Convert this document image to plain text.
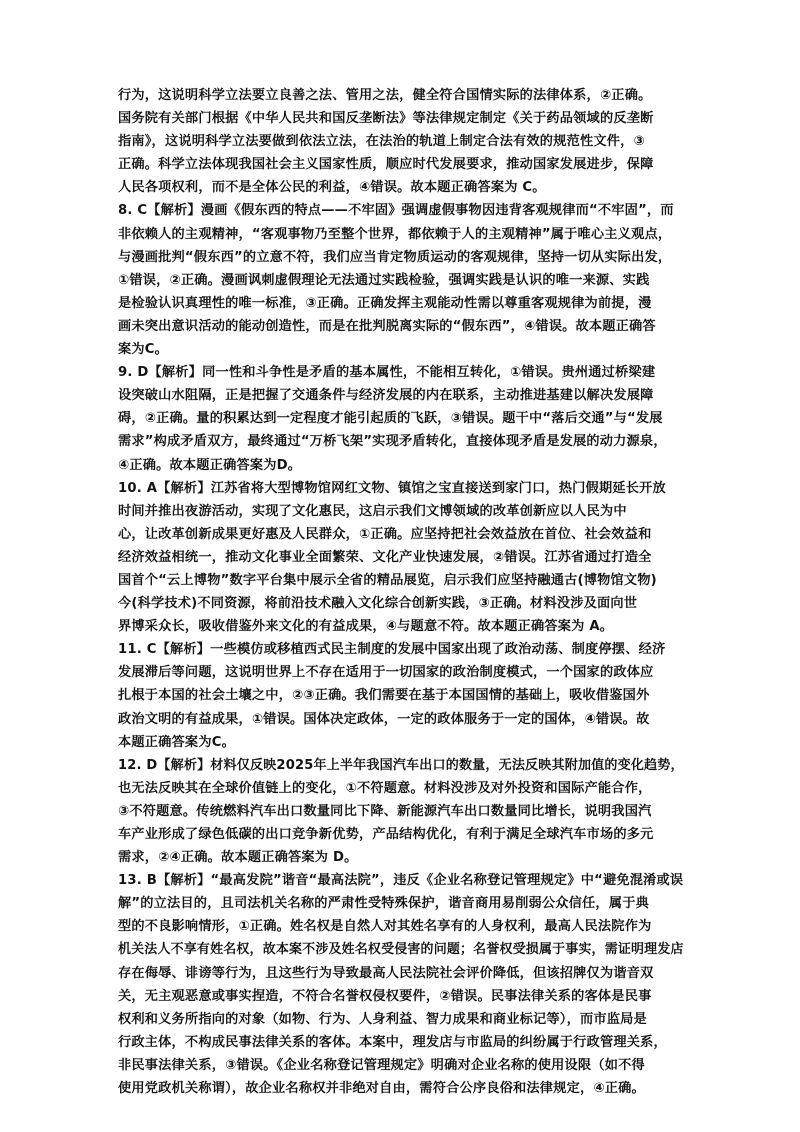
行为，这说明科学立法要立良善之法、管用之法，健全符合国情实际的法律体系，②正确。
国务院有关部门根据《中华人民共和国反垄断法》等法律规定制定《关于药品领域的反垄断
指南》，这说明科学立法要做到依法立法，在法治的轨道上制定合法有效的规范性文件，③
正确。科学立法体现我国社会主义国家性质，顺应时代发展要求，推动国家发展进步，保障
人民各项权利，而不是全体公民的利益，④错误。故本题正确答案为 C。
8. C【解析】漫画《假东西的特点——不牢固》强调虚假事物因违背客观规律而“不牢固”，而
非依赖人的主观精神，“客观事物乃至整个世界，都依赖于人的主观精神”属于唯心主义观点，
与漫画批判“假东西”的立意不符，我们应当肯定物质运动的客观规律，坚持一切从实际出发，
①错误，②正确。漫画讽刺虚假理论无法通过实践检验，强调实践是认识的唯一来源、实践
是检验认识真理性的唯一标准，③正确。正确发挥主观能动性需以尊重客观规律为前提，漫
画未突出意识活动的能动创造性，而是在批判脱离实际的“假东西”，④错误。故本题正确答
案为C。
9. D【解析】同一性和斗争性是矛盾的基本属性，不能相互转化，①错误。贵州通过桥梁建
设突破山水阻隔，正是把握了交通条件与经济发展的内在联系，主动推进基建以解决发展障
碍，②正确。量的积累达到一定程度才能引起质的飞跃，③错误。题干中“落后交通”与“发展
需求”构成矛盾双方，最终通过“万桥飞架”实现矛盾转化，直接体现矛盾是发展的动力源泉，
④正确。故本题正确答案为D。
10. A【解析】江苏省将大型博物馆网红文物、镇馆之宝直接送到家门口，热门假期延长开放
时间并推出夜游活动，实现了文化惠民，这启示我们文博领域的改革创新应以人民为中
心，让改革创新成果更好惠及人民群众，①正确。应坚持把社会效益放在首位、社会效益和
经济效益相统一，推动文化事业全面繁荣、文化产业快速发展，②错误。江苏省通过打造全
国首个“云上博物”数字平台集中展示全省的精品展览，启示我们应坚持融通古(博物馆文物)
今(科学技术)不同资源，将前沿技术融入文化综合创新实践，③正确。材料没涉及面向世
界博采众长，吸收借鉴外来文化的有益成果，④与题意不符。故本题正确答案为 A。
11. C【解析】一些模仿或移植西式民主制度的发展中国家出现了政治动荡、制度停摆、经济
发展滞后等问题，这说明世界上不存在适用于一切国家的政治制度模式，一个国家的政体应
扎根于本国的社会土壤之中，②③正确。我们需要在基于本国国情的基础上，吸收借鉴国外
政治文明的有益成果，①错误。国体决定政体，一定的政体服务于一定的国体，④错误。故
本题正确答案为C。
12. D【解析】材料仅反映2025年上半年我国汽车出口的数量，无法反映其附加值的变化趋势，
也无法反映其在全球价值链上的变化，①不符题意。材料没涉及对外投资和国际产能合作，
③不符题意。传统燃料汽车出口数量同比下降、新能源汽车出口数量同比增长，说明我国汽
车产业形成了绿色低碳的出口竞争新优势，产品结构优化，有利于满足全球汽车市场的多元
需求，②④正确。故本题正确答案为 D。
13. B【解析】“最高发院”谐音“最高法院”，违反《企业名称登记管理规定》中“避免混淆或误
解”的立法目的，且司法机关名称的严肃性受特殊保护，谐音商用易削弱公众信任，属于典
型的不良影响情形，①正确。姓名权是自然人对其姓名享有的人身权利，最高人民法院作为
机关法人不享有姓名权，故本案不涉及姓名权受侵害的问题；名誉权受损属于事实，需证明理发店
存在侮辱、诽谤等行为，且这些行为导致最高人民法院社会评价降低，但该招牌仅为谐音双
关，无主观恶意或事实捏造，不符合名誉权侵权要件，②错误。民事法律关系的客体是民事
权利和义务所指向的对象（如物、行为、人身利益、智力成果和商业标记等），而市监局是
行政主体，不构成民事法律关系的客体。本案中，理发店与市监局的纠纷属于行政管理关系，
非民事法律关系，③错误。《企业名称登记管理规定》明确对企业名称的使用设限（如不得
使用党政机关称谓），故企业名称权并非绝对自由，需符合公序良俗和法律规定，④正确。
